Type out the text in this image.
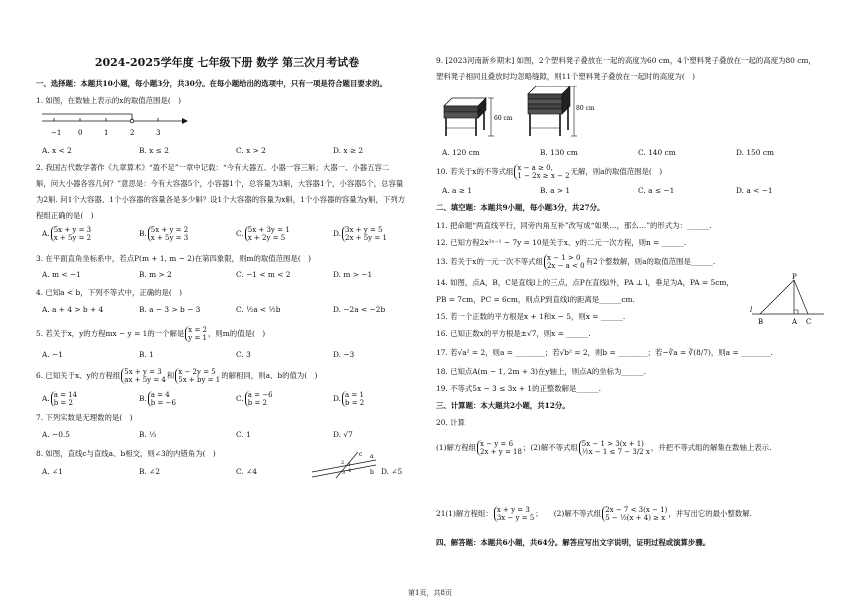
2024-2025学年度 七年级下册 数学 第三次月考试卷
一、选择题：本题共10小题，每小题3分，共30分。在每小题给出的选项中，只有一项是符合题目要求的。
1. 如图，在数轴上表示的x的取值范围是(　)
−1 0	1	2	3
A. x < 2	B. x ≤ 2	C. x > 2	D. x ≥ 2
2. 我国古代数学著作《九章算术》“盈不足”一章中记载：“今有大器五、小器一容三斛；大器一、小器五容二
斛，问大小器各容几何？”意思是：今有大容器5个，小容器1个，总容量为3斛，大容器1个，小容器5个，总容量
为2斛. 问1个大容器、1个小容器的容量各是多少斛？设1个大容器的容量为x斛，1个小容器的容量为y斛，下列方
程组正确的是(　)
A. 5x + y = 3
x + 5y = 2	B. 5x + y = 2
x + 5y = 3	C. 5x + 3y = 1
x + 2y = 5	D. 3x + y = 5
2x + 5y = 1
3. 在平面直角坐标系中，若点P(m + 1, m − 2)在第四象限，则m的取值范围是(　)
A. m < −1	B. m > 2	C. −1 < m < 2	D. m > −1
4. 已知a < b，下列不等式中，正确的是(　)
A. a + 4 > b + 4	B. a − 3 > b − 3	C. ½a < ½b	D. −2a < −2b
5. 若关于x，y的方程mx − y = 1的一个解是 x = 2
y = 1，则m的值是(　)
A. −1	B. 1	C. 3	D. −3
6. 已知关于x、y的方程组 5x + y = 3
ax + 5y = 4和 x − 2y = 5
5x + by = 1的解相同，则a、b的值为(　)
A. a = 14
b = 2	B. a = 4
b = −6	C. a = −6
b = 2	D. a = 1
b = 2
7. 下列实数是无理数的是(　)
A. −0.5	B. ⅓	C. 1	D. √7
8. 如图，直线c与直线a、b相交，则∠3的内错角为(　)
A. ∠1	B. ∠2	C. ∠4	D. ∠5
a
b
c
1
2
3 4
9. [2023河南新乡期末] 如图，2个塑料凳子叠放在一起的高度为60 cm，4个塑料凳子叠放在一起的高度为80 cm，
塑料凳子相同且叠放时均忽略缝隙，则11个塑料凳子叠放在一起时的高度为(　)
60 cm
80 cm
A. 120 cm	B. 130 cm	C. 140 cm	D. 150 cm
10. 若关于x的不等式组 x − a ≥ 0,
1 − 2x ≥ x − 2无解，则a的取值范围是(　)
A. a ≥ 1	B. a > 1	C. a ≤ −1	D. a < −1
二、填空题：本题共9小题，每小题3分，共27分。
11. 把命题“两直线平行，同旁内角互补”改写成“如果…，那么…”的形式为：______.
12. 已知方程2x²ⁿ⁻¹ − 7y = 10是关于x、y的二元一次方程，则n = ______.
13. 若关于x的一元一次不等式组 x − 1 > 0
2x − a < 0有2个整数解，则a的取值范围是______.
14. 如图，点A，B，C是直线l上的三点，点P在直线l外，PA ⊥ l，垂足为A，PA = 5cm，
PB = 7cm，PC = 6cm，则点P到直线l的距离是______cm.
P
l
B	A C
15. 若一个正数的平方根是x + 1和x − 5，则x = ______.
16. 已知正数x的平方根是±√7，则x = ______.
17. 若√a² = 2，则a = ________；若√b² = 2，则b = ________；若−∛a = ∛(8/7)，则a = ________.
18. 已知点A(m − 1, 2m + 3)在y轴上，则点A的坐标为______.
19. 不等式5x − 3 ≤ 3x + 1的正整数解是______.
三、计算题：本大题共2小题，共12分。
20. 计算
(1)解方程组 x − y = 6
2x + y = 18；(2)解不等式组 5x − 1 > 3(x + 1)
½x − 1 ≤ 7 − 3/2 x，并把不等式组的解集在数轴上表示.
21(1)解方程组： x + y = 3
3x − y = 5；　　(2)解不等式组 2x − 7 < 3(x − 1)
5 − ½(x + 4) ≥ x ，并写出它的最小整数解.
四、解答题：本题共6小题，共64分。解答应写出文字说明，证明过程或演算步骤。
第1页，共8页
